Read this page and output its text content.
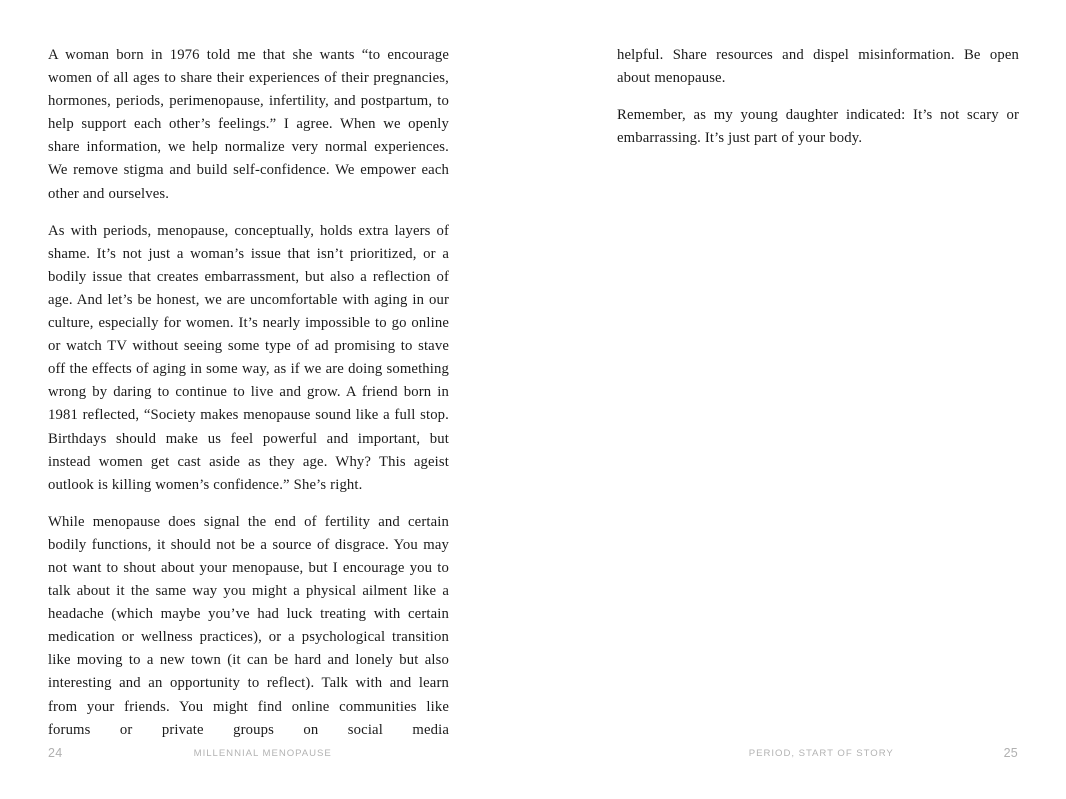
A woman born in 1976 told me that she wants “to encourage women of all ages to share their experiences of their pregnancies, hormones, periods, perimenopause, infertility, and postpartum, to help support each other’s feelings.” I agree. When we openly share information, we help normalize very normal experiences. We remove stigma and build self-confidence. We empower each other and ourselves.

As with periods, menopause, conceptually, holds extra layers of shame. It’s not just a woman’s issue that isn’t prioritized, or a bodily issue that creates embarrassment, but also a reflection of age. And let’s be honest, we are uncomfortable with aging in our culture, especially for women. It’s nearly impossible to go online or watch TV without seeing some type of ad promising to stave off the effects of aging in some way, as if we are doing something wrong by daring to continue to live and grow. A friend born in 1981 reflected, “Society makes menopause sound like a full stop. Birthdays should make us feel powerful and important, but instead women get cast aside as they age. Why? This ageist outlook is killing women’s confidence.” She’s right.

While menopause does signal the end of fertility and certain bodily functions, it should not be a source of disgrace. You may not want to shout about your menopause, but I encourage you to talk about it the same way you might a physical ailment like a headache (which maybe you’ve had luck treating with certain medication or wellness practices), or a psychological transition like moving to a new town (it can be hard and lonely but also interesting and an opportunity to reflect). Talk with and learn from your friends. You might find online communities like forums or private groups on social media

24	MILLENNIAL MENOPAUSE

helpful. Share resources and dispel misinformation. Be open about menopause.

Remember, as my young daughter indicated: It’s not scary or embarrassing. It’s just part of your body.

PERIOD, START OF STORY	25
